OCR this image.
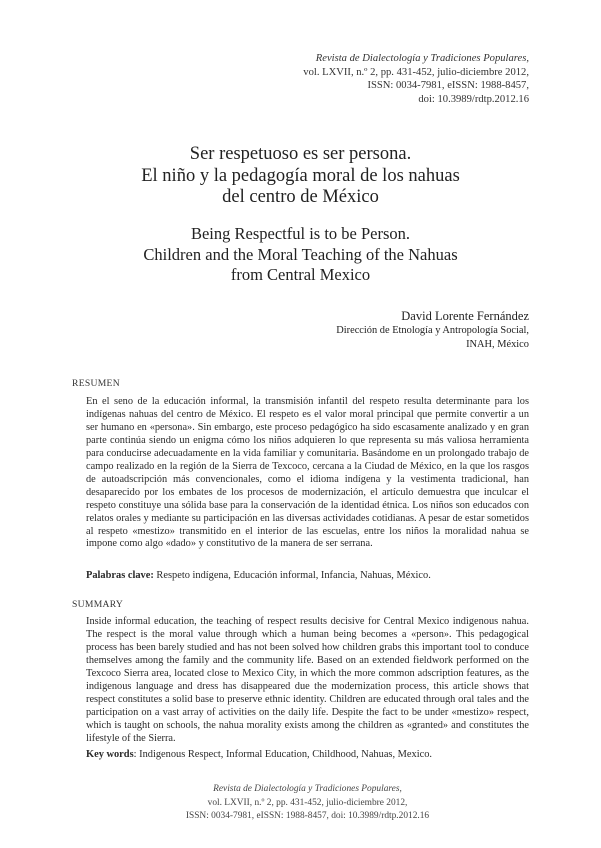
Revista de Dialectología y Tradiciones Populares,
vol. LXVII, n.º 2, pp. 431-452, julio-diciembre 2012,
ISSN: 0034-7981, eISSN: 1988-8457,
doi: 10.3989/rdtp.2012.16
Ser respetuoso es ser persona.
El niño y la pedagogía moral de los nahuas
del centro de México
Being Respectful is to be Person.
Children and the Moral Teaching of the Nahuas
from Central Mexico
David Lorente Fernández
Dirección de Etnología y Antropología Social,
INAH, México
RESUMEN

En el seno de la educación informal, la transmisión infantil del respeto resulta determinante para los indígenas nahuas del centro de México. El respeto es el valor moral principal que permite convertir a un ser humano en «persona». Sin embargo, este proceso pedagógico ha sido escasamente analizado y en gran parte continúa siendo un enigma cómo los niños adquieren lo que representa su más valiosa herramienta para conducirse adecuadamente en la vida familiar y comunitaria. Basándome en un prolongado trabajo de campo realizado en la región de la Sierra de Texcoco, cercana a la Ciudad de México, en la que los rasgos de autoadscripción más convencionales, como el idioma indígena y la vestimenta tradicional, han desaparecido por los embates de los procesos de modernización, el artículo demuestra que inculcar el respeto constituye una sólida base para la conservación de la identidad étnica. Los niños son educados con relatos orales y mediante su participación en las diversas actividades cotidianas. A pesar de estar sometidos al respeto «mestizo» transmitido en el interior de las escuelas, entre los niños la moralidad nahua se impone como algo «dado» y constitutivo de la manera de ser serrana.

Palabras clave: Respeto indígena, Educación informal, Infancia, Nahuas, México.
SUMMARY

Inside informal education, the teaching of respect results decisive for Central Mexico indigenous nahua. The respect is the moral value through which a human being becomes a «person». This pedagogical process has been barely studied and has not been solved how children grabs this important tool to conduce themselves among the family and the community life. Based on an extended fieldwork performed on the Texcoco Sierra area, located close to Mexico City, in which the more common adscription features, as the indigenous language and dress has disappeared due the modernization process, this article shows that respect constitutes a solid base to preserve ethnic identity. Children are educated through oral tales and the participation on a vast array of activities on the daily life. Despite the fact to be under «mestizo» respect, which is taught on schools, the nahua morality exists among the children as «granted» and constitutes the lifestyle of the Sierra.

Key words: Indigenous Respect, Informal Education, Childhood, Nahuas, Mexico.
Revista de Dialectología y Tradiciones Populares,
vol. LXVII, n.º 2, pp. 431-452, julio-diciembre 2012,
ISSN: 0034-7981, eISSN: 1988-8457, doi: 10.3989/rdtp.2012.16
